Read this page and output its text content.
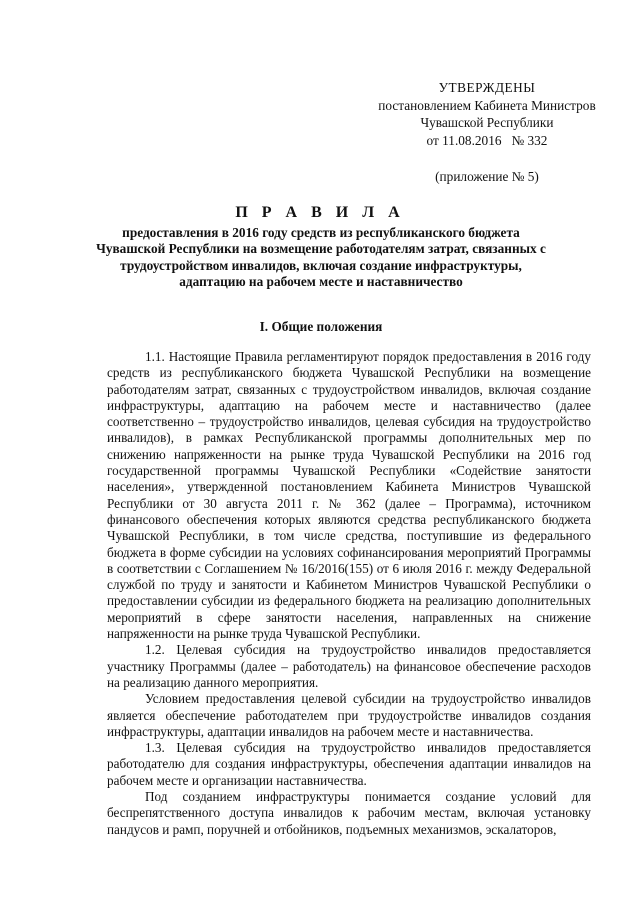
УТВЕРЖДЕНЫ
постановлением Кабинета Министров
Чувашской Республики
от 11.08.2016   № 332
(приложение № 5)
П Р А В И Л А
предоставления в 2016 году средств из республиканского бюджета Чувашской Республики на возмещение работодателям затрат, связанных с трудоустройством инвалидов, включая создание инфраструктуры, адаптацию на рабочем месте и наставничество
I. Общие положения

1.1. Настоящие Правила регламентируют порядок предоставления в 2016 году средств из республиканского бюджета Чувашской Республики на возмещение работодателям затрат, связанных с трудоустройством инвалидов, включая создание инфраструктуры, адаптацию на рабочем месте и наставничество (далее соответственно – трудоустройство инвалидов, целевая субсидия на трудоустройство инвалидов), в рамках Республиканской программы дополнительных мер по снижению напряженности на рынке труда Чувашской Республики на 2016 год государственной программы Чувашской Республики «Содействие занятости населения», утвержденной постановлением Кабинета Министров Чувашской Республики от 30 августа 2011 г. № 362 (далее – Программа), источником финансового обеспечения которых являются средства республиканского бюджета Чувашской Республики, в том числе средства, поступившие из федерального бюджета в форме субсидии на условиях софинансирования мероприятий Программы в соответствии с Соглашением № 16/2016(155) от 6 июля 2016 г. между Федеральной службой по труду и занятости и Кабинетом Министров Чувашской Республики о предоставлении субсидии из федерального бюджета на реализацию дополнительных мероприятий в сфере занятости населения, направленных на снижение напряженности на рынке труда Чувашской Республики.

1.2. Целевая субсидия на трудоустройство инвалидов предоставляется участнику Программы (далее – работодатель) на финансовое обеспечение расходов на реализацию данного мероприятия.

Условием предоставления целевой субсидии на трудоустройство инвалидов является обеспечение работодателем при трудоустройстве инвалидов создания инфраструктуры, адаптации инвалидов на рабочем месте и наставничества.

1.3. Целевая субсидия на трудоустройство инвалидов предоставляется работодателю для создания инфраструктуры, обеспечения адаптации инвалидов на рабочем месте и организации наставничества.

Под созданием инфраструктуры понимается создание условий для беспрепятственного доступа инвалидов к рабочим местам, включая установку пандусов и рамп, поручней и отбойников, подъемных механизмов, эскалаторов,
